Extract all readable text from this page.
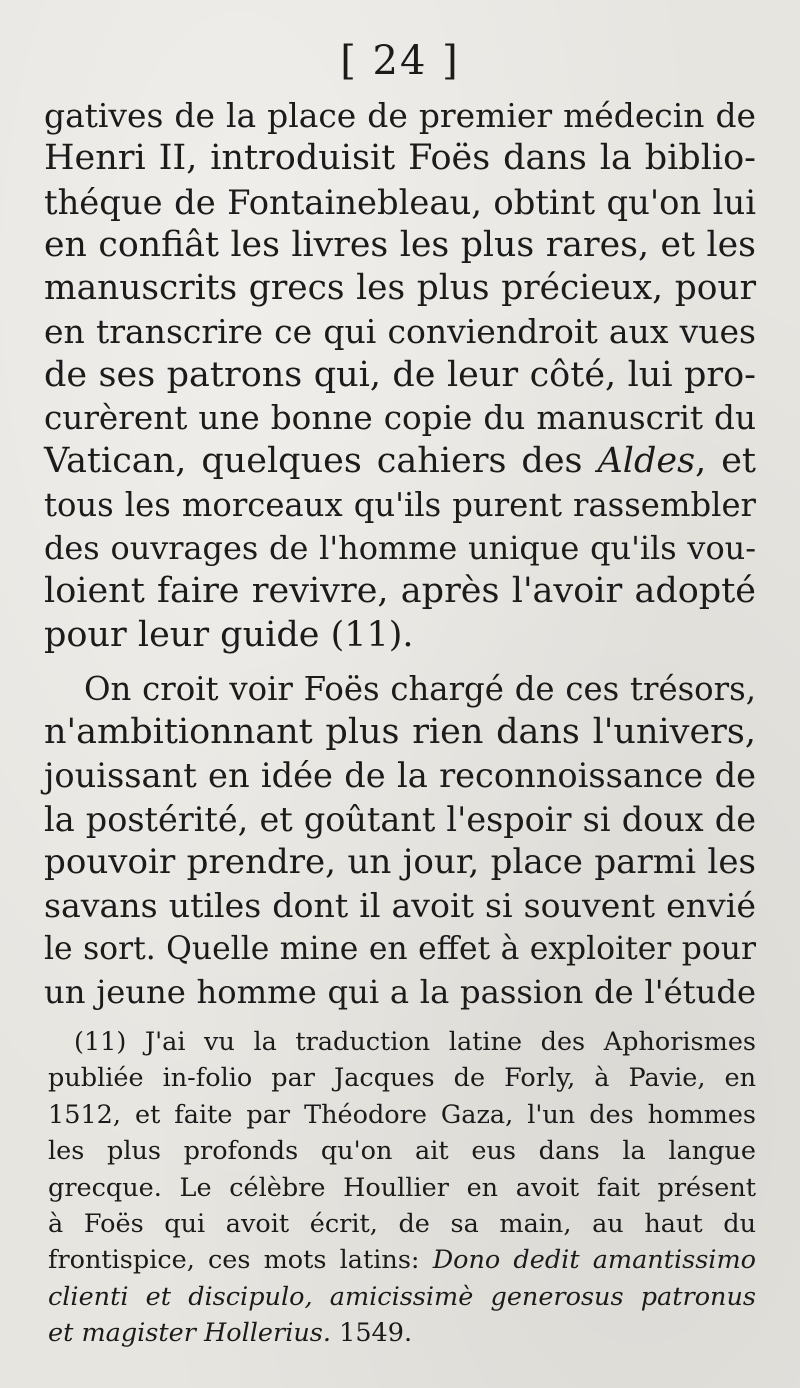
[ 24 ]
gatives de la place de premier médecin de
Henri II, introduisit Foës dans la biblio-
théque de Fontainebleau, obtint qu'on lui
en confiât les livres les plus rares, et les
manuscrits grecs les plus précieux, pour
en transcrire ce qui conviendroit aux vues
de ses patrons qui, de leur côté, lui pro-
curèrent une bonne copie du manuscrit du
Vatican, quelques cahiers des Aldes, et
tous les morceaux qu'ils purent rassembler
des ouvrages de l'homme unique qu'ils vou-
loient faire revivre, après l'avoir adopté
pour leur guide (11).
On croit voir Foës chargé de ces trésors,
n'ambitionnant plus rien dans l'univers,
jouissant en idée de la reconnoissance de
la postérité, et goûtant l'espoir si doux de
pouvoir prendre, un jour, place parmi les
savans utiles dont il avoit si souvent envié
le sort. Quelle mine en effet à exploiter pour
un jeune homme qui a la passion de l'étude
(11) J'ai vu la traduction latine des Aphorismes
publiée in-folio par Jacques de Forly, à Pavie, en
1512, et faite par Théodore Gaza, l'un des hommes
les plus profonds qu'on ait eus dans la langue
grecque. Le célèbre Houllier en avoit fait présent
à Foës qui avoit écrit, de sa main, au haut du
frontispice, ces mots latins: Dono dedit amantissimo
clienti et discipulo, amicissimè generosus patronus
et magister Hollerius. 1549.
